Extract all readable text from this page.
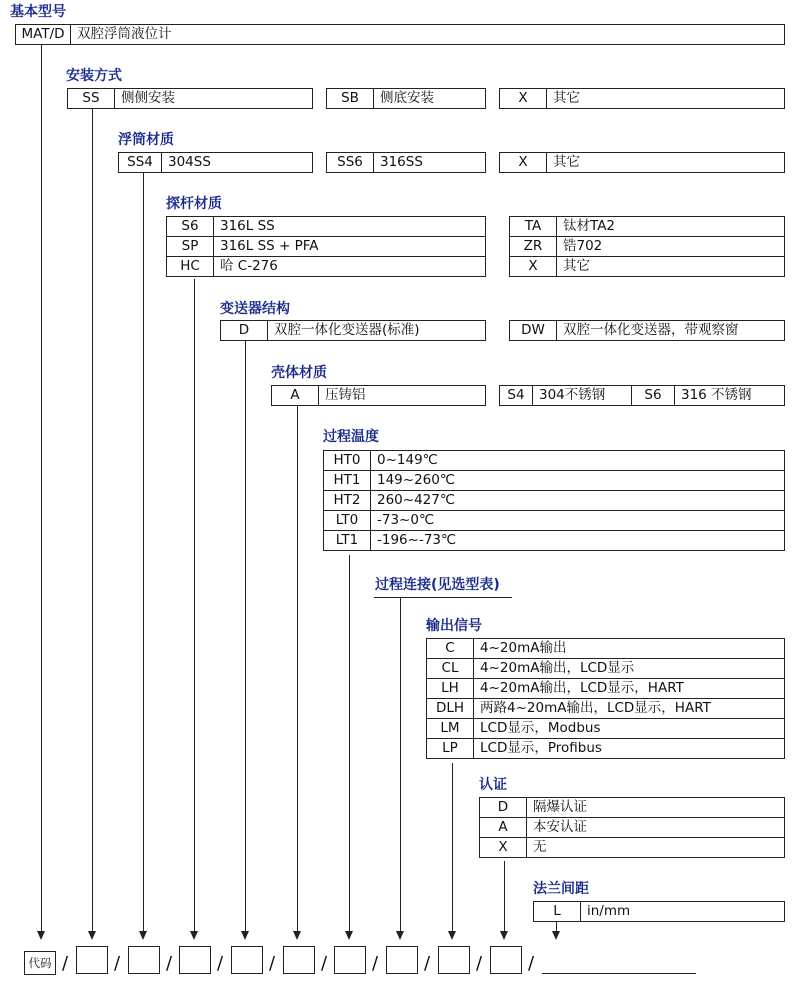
基本型号
MAT/D	双腔浮筒液位计
安装方式
SS	侧侧安装	SB	侧底安装	X	其它
浮筒材质
SS4	304SS	SS6	316SS	X	其它
探杆材质
S6	316L SS
SP	316L SS + PFA
HC	哈 C-276
TA	钛材TA2
ZR	锆702
X	其它
变送器结构
D	双腔一体化变送器(标准)	DW	双腔一体化变送器，带观察窗
壳体材质
A	压铸铝	S4	304不锈钢	S6	316 不锈钢
过程温度
HT0	0~149℃
HT1	149~260℃
HT2	260~427℃
LT0	-73~0℃
LT1	-196~-73℃
过程连接(见选型表)
输出信号
C	4~20mA输出
CL	4~20mA输出，LCD显示
LH	4~20mA输出，LCD显示，HART
DLH	两路4~20mA输出，LCD显示，HART
LM	LCD显示，Modbus
LP	LCD显示，Profibus
认证
D	隔爆认证
A	本安认证
X	无
法兰间距
L	in/mm
代码 /	/	/ /	/	/ /	/	/	/
